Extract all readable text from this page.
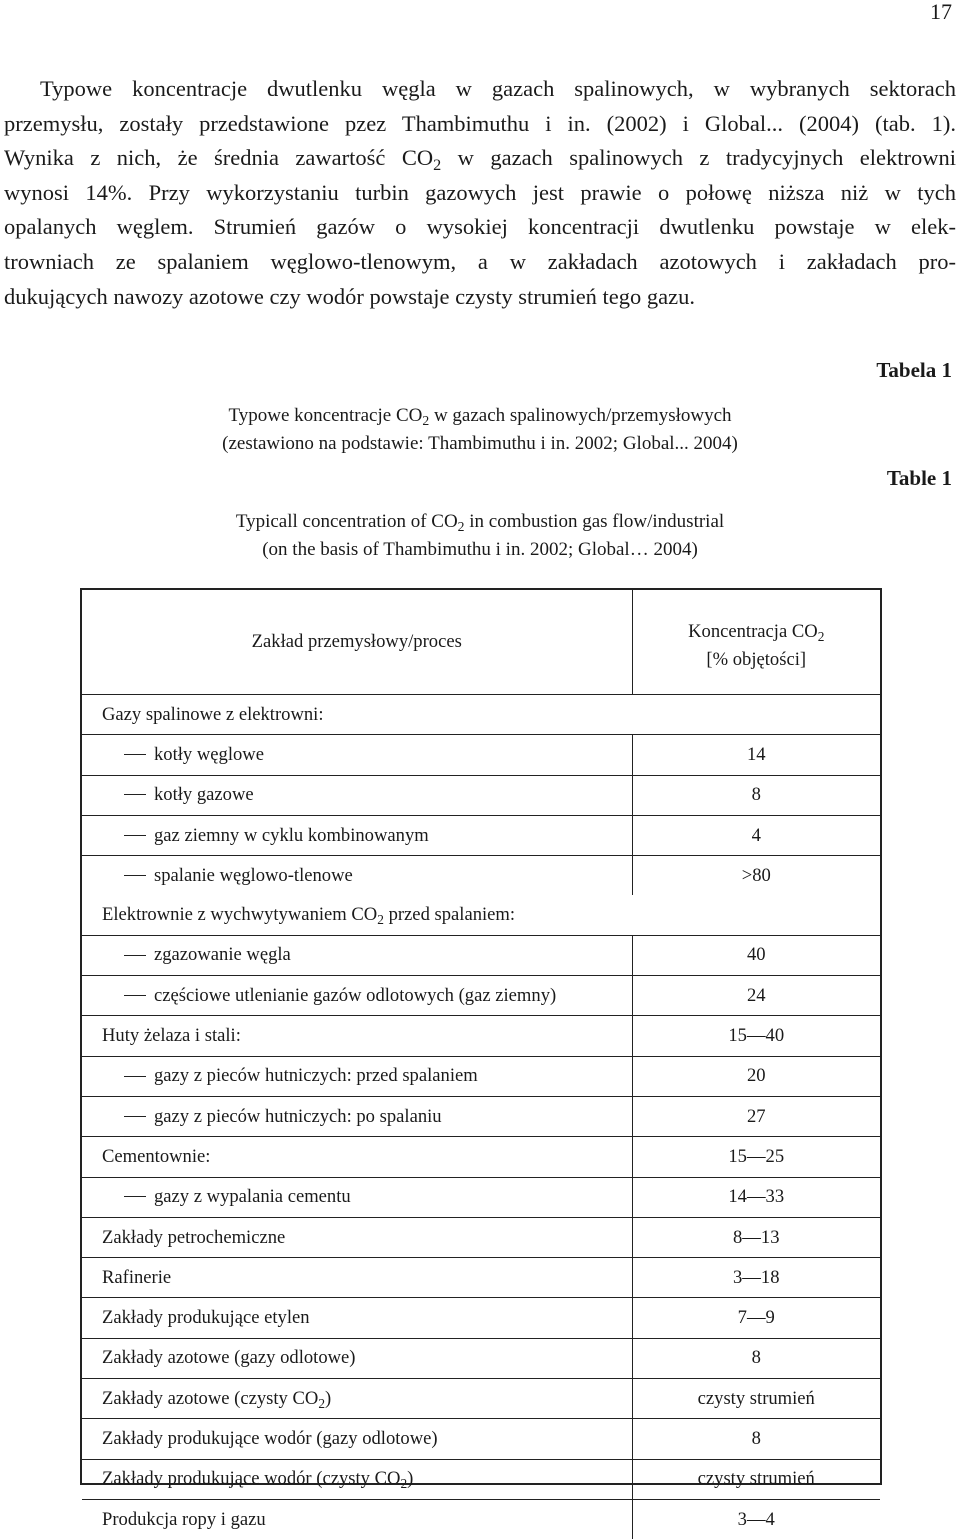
17
Typowe koncentracje dwutlenku węgla w gazach spalinowych, w wybranych sektorach
przemysłu, zostały przedstawione pzez Thambimuthu i in. (2002) i Global... (2004) (tab. 1).
Wynika z nich, że średnia zawartość $CO_2$ w gazach spalinowych z tradycyjnych elektrowni
wynosi 14%. Przy wykorzystaniu turbin gazowych jest prawie o połowę niższa niż w tych
opalanych węglem. Strumień gazów o wysokiej koncentracji dwutlenku powstaje w elek-
trowniach ze spalaniem węglowo-tlenowym, a w zakładach azotowych i zakładach pro-
dukujących nawozy azotowe czy wodór powstaje czysty strumień tego gazu.
Tabela 1
Typowe koncentracje $CO_2$ w gazach spalinowych/przemysłowych
(zestawiono na podstawie: Thambimuthu i in. 2002; Global... 2004)
Table 1
Typicall concentration of $CO_2$ in combustion gas flow/industrial
(on the basis of Thambimuthu i in. 2002; Global… 2004)
Zakład przemysłowy/proces	Koncentracja $CO_2$
[% objętości]

Gazy spalinowe z elektrowni:	
kotły węglowe	14
kotły gazowe	8
gaz ziemny w cyklu kombinowanym	4
spalanie węglowo-tlenowe	>80
Elektrownie z wychwytywaniem $CO_2$ przed spalaniem:	
zgazowanie węgla	40
częściowe utlenianie gazów odlotowych (gaz ziemny)	24
Huty żelaza i stali:	15—40
gazy z pieców hutniczych: przed spalaniem	20
gazy z pieców hutniczych: po spalaniu	27
Cementownie:	15—25
gazy z wypalania cementu	14—33
Zakłady petrochemiczne	8—13
Rafinerie	3—18
Zakłady produkujące etylen	7—9
Zakłady azotowe (gazy odlotowe)	8
Zakłady azotowe (czysty $CO_2$)	czysty strumień
Zakłady produkujące wodór (gazy odlotowe)	8
Zakłady produkujące wodór (czysty $CO_2$)	czysty strumień
Produkcja ropy i gazu	3—4
